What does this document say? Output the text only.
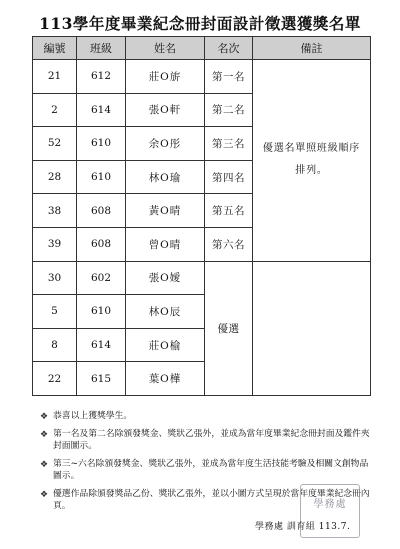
113學年度畢業紀念冊封面設計徵選獲獎名單
編號	班級	姓名	名次	備註
21	612	莊O旂	第一名	優選名單照班級順序排列。

2	614	張O軒	第二名	
52	610	余O彤	第三名	
28	610	林O瑜	第四名	
38	608	黃O晴	第五名	
39	608	曾O晴	第六名	
30	602	張O嬡	優選	
5	610	林O辰		
8	614	莊O榆		
22	615	葉O樺		
❖ 恭喜以上獲獎學生。
❖ 第一名及第二名除頒發獎金、獎狀乙張外，並成為當年度畢業紀念冊封面及鑑件夾封面圖示。
❖ 第三~六名除頒發獎金、獎狀乙張外，並成為當年度生活技能考驗及相關文創物品圖示。
❖ 優選作品除頒發獎品乙份、獎狀乙張外，並以小圖方式呈現於當年度畢業紀念冊內頁。	學務處
學務處 訓育組 113.7.
